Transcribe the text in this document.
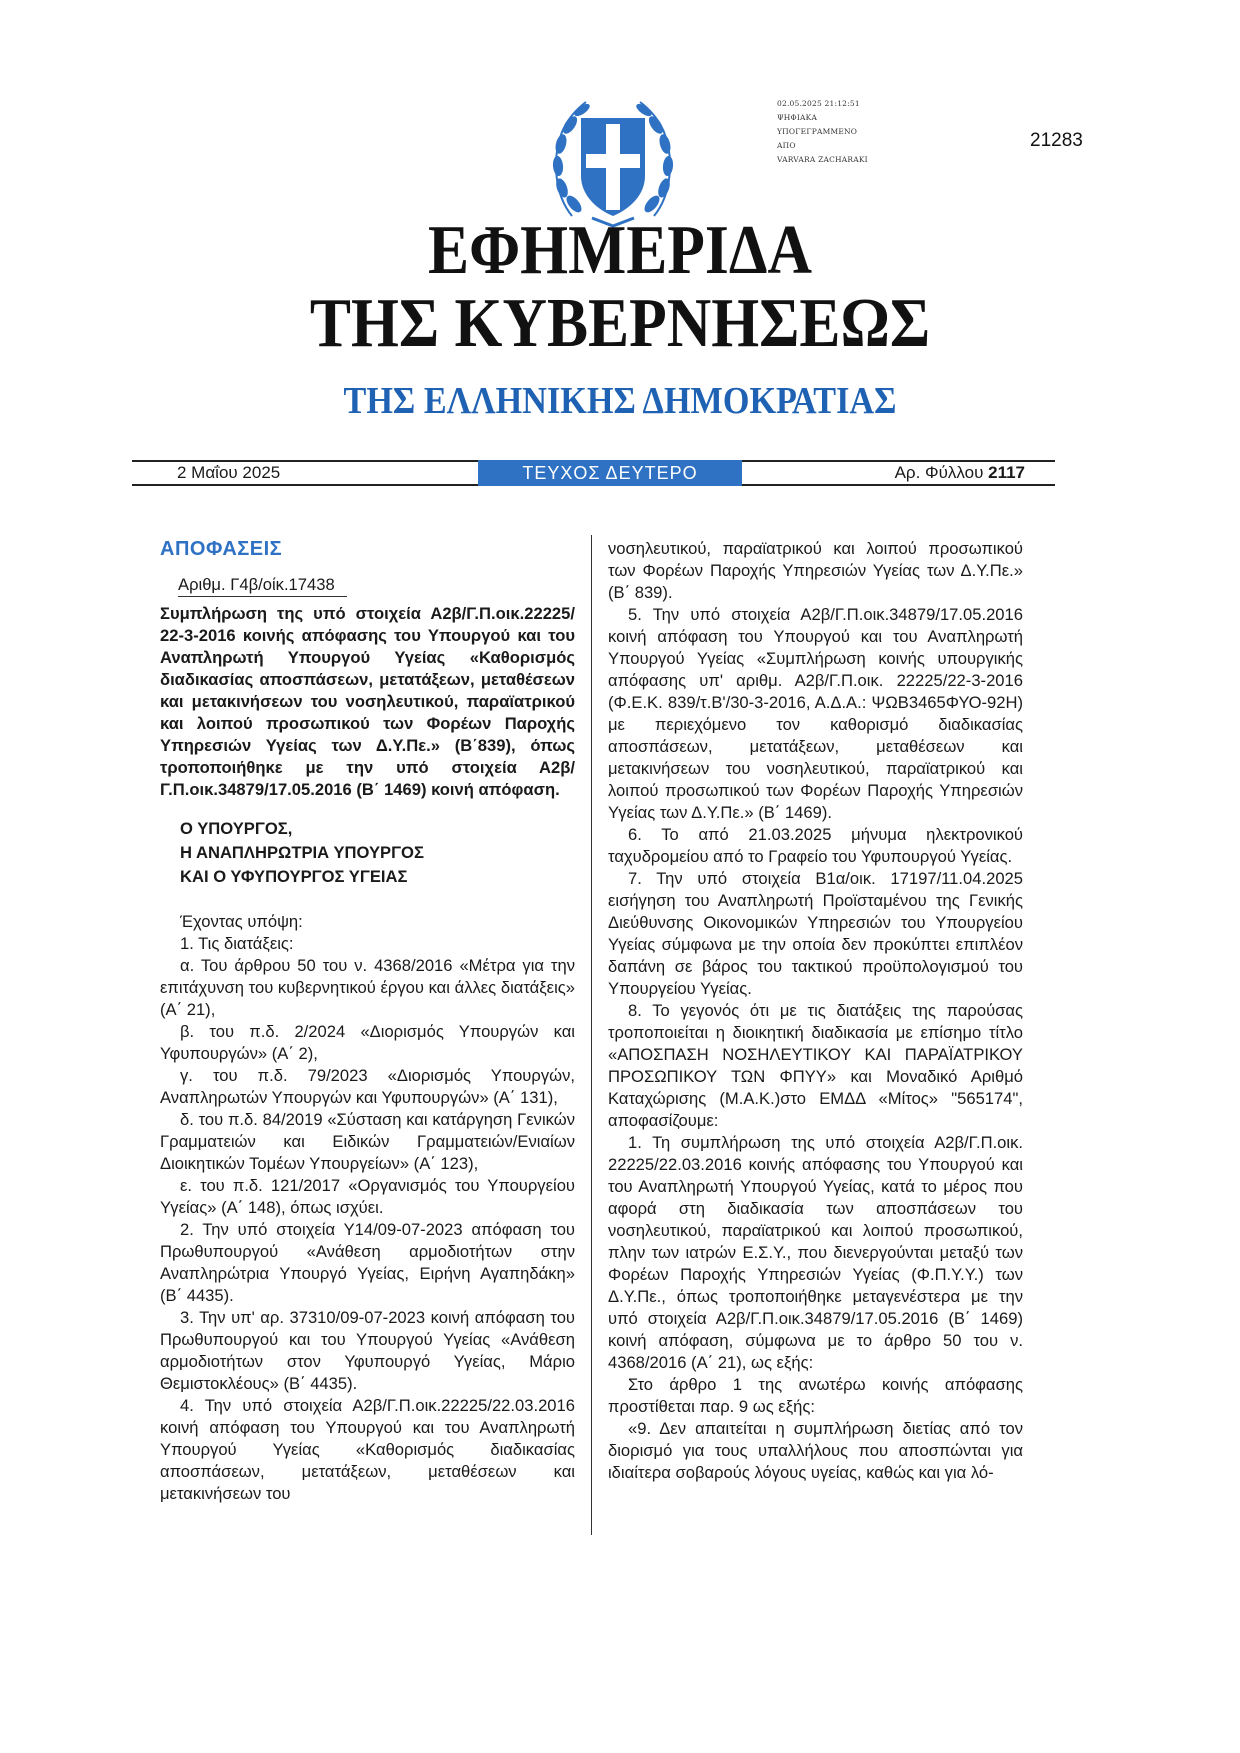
02.05.2025 21:12:51
ΨΗΦΙΑΚΑ
ΥΠΟΓΕΓΡΑΜΜΕΝΟ
ΑΠΟ
VARVARA ZACHARAKI
21283
ΕΦΗΜΕΡΙΔΑ
ΤΗΣ ΚΥΒΕΡΝΗΣΕΩΣ
ΤΗΣ ΕΛΛΗΝΙΚΗΣ ΔΗΜΟΚΡΑΤΙΑΣ
2 Μαΐου 2025	ΤΕΥΧΟΣ ΔΕΥΤΕΡΟ	Αρ. Φύλλου 2117
ΑΠΟΦΑΣΕΙΣ
Αριθμ. Γ4β/οίκ.17438
Συμπλήρωση της υπό στοιχεία Α2β/Γ.Π.οικ.22225/ 22-3-2016 κοινής απόφασης του Υπουργού και του Αναπληρωτή Υπουργού Υγείας «Καθορισμός διαδικασίας αποσπάσεων, μετατάξεων, μεταθέσεων και μετακινήσεων του νοσηλευτικού, παραϊατρικού και λοιπού προσωπικού των Φορέων Παροχής Υπηρεσιών Υγείας των Δ.Υ.Πε.» (Β΄839), όπως τροποποιήθηκε με την υπό στοιχεία Α2β/ Γ.Π.οικ.34879/17.05.2016 (Β΄ 1469) κοινή απόφαση.
Ο ΥΠΟΥΡΓΟΣ,
Η ΑΝΑΠΛΗΡΩΤΡΙΑ ΥΠΟΥΡΓΟΣ
ΚΑΙ Ο ΥΦΥΠΟΥΡΓΟΣ ΥΓΕΙΑΣ

Έχοντας υπόψη:

1. Τις διατάξεις:

α. Του άρθρου 50 του ν. 4368/2016 «Μέτρα για την επιτάχυνση του κυβερνητικού έργου και άλλες διατάξεις» (Α΄ 21),

β. του π.δ. 2/2024 «Διορισμός Υπουργών και Υφυπουργών» (Α΄ 2),

γ. του π.δ. 79/2023 «Διορισμός Υπουργών, Αναπληρωτών Υπουργών και Υφυπουργών» (Α΄ 131),

δ. του π.δ. 84/2019 «Σύσταση και κατάργηση Γενικών Γραμματειών και Ειδικών Γραμματειών/Ενιαίων Διοικητικών Τομέων Υπουργείων» (Α΄ 123),

ε. του π.δ. 121/2017 «Οργανισμός του Υπουργείου Υγείας» (Α΄ 148), όπως ισχύει.

2. Την υπό στοιχεία Υ14/09-07-2023 απόφαση του Πρωθυπουργού «Ανάθεση αρμοδιοτήτων στην Αναπληρώτρια Υπουργό Υγείας, Ειρήνη Αγαπηδάκη» (Β΄ 4435).

3. Την υπ' αρ. 37310/09-07-2023 κοινή απόφαση του Πρωθυπουργού και του Υπουργού Υγείας «Ανάθεση αρμοδιοτήτων στον Υφυπουργό Υγείας, Μάριο Θεμιστοκλέους» (Β΄ 4435).

4. Την υπό στοιχεία Α2β/Γ.Π.οικ.22225/22.03.2016 κοινή απόφαση του Υπουργού και του Αναπληρωτή Υπουργού Υγείας «Καθορισμός διαδικασίας αποσπάσεων, μετατάξεων, μεταθέσεων και μετακινήσεων του

νοσηλευτικού, παραϊατρικού και λοιπού προσωπικού των Φορέων Παροχής Υπηρεσιών Υγείας των Δ.Υ.Πε.» (Β΄ 839).

5. Την υπό στοιχεία Α2β/Γ.Π.οικ.34879/17.05.2016 κοινή απόφαση του Υπουργού και του Αναπληρωτή Υπουργού Υγείας «Συμπλήρωση κοινής υπουργικής απόφασης υπ' αριθμ. Α2β/Γ.Π.οικ. 22225/22-3-2016 (Φ.Ε.Κ. 839/τ.Β'/30-3-2016, Α.Δ.Α.: ΨΩΒ3465ΦΥΟ-92Η) με περιεχόμενο τον καθορισμό διαδικασίας αποσπάσεων, μετατάξεων, μεταθέσεων και μετακινήσεων του νοσηλευτικού, παραϊατρικού και λοιπού προσωπικού των Φορέων Παροχής Υπηρεσιών Υγείας των Δ.Υ.Πε.» (Β΄ 1469).

6. Το από 21.03.2025 μήνυμα ηλεκτρονικού ταχυδρομείου από το Γραφείο του Υφυπουργού Υγείας.

7. Την υπό στοιχεία Β1α/οικ. 17197/11.04.2025 εισήγηση του Αναπληρωτή Προϊσταμένου της Γενικής Διεύθυνσης Οικονομικών Υπηρεσιών του Υπουργείου Υγείας σύμφωνα με την οποία δεν προκύπτει επιπλέον δαπάνη σε βάρος του τακτικού προϋπολογισμού του Υπουργείου Υγείας.

8. Το γεγονός ότι με τις διατάξεις της παρούσας τροποποιείται η διοικητική διαδικασία με επίσημο τίτλο «ΑΠΟΣΠΑΣΗ ΝΟΣΗΛΕΥΤΙΚΟΥ ΚΑΙ ΠΑΡΑΪΑΤΡΙΚΟΥ ΠΡΟΣΩΠΙΚΟΥ ΤΩΝ ΦΠΥΥ» και Μοναδικό Αριθμό Καταχώρισης (Μ.Α.Κ.)στο ΕΜΔΔ «Μίτος» "565174", αποφασίζουμε:

1. Τη συμπλήρωση της υπό στοιχεία Α2β/Γ.Π.οικ. 22225/22.03.2016 κοινής απόφασης του Υπουργού και του Αναπληρωτή Υπουργού Υγείας, κατά το μέρος που αφορά στη διαδικασία των αποσπάσεων του νοσηλευτικού, παραϊατρικού και λοιπού προσωπικού, πλην των ιατρών Ε.Σ.Υ., που διενεργούνται μεταξύ των Φορέων Παροχής Υπηρεσιών Υγείας (Φ.Π.Υ.Υ.) των Δ.Υ.Πε., όπως τροποποιήθηκε μεταγενέστερα με την υπό στοιχεία Α2β/Γ.Π.οικ.34879/17.05.2016 (Β΄ 1469) κοινή απόφαση, σύμφωνα με το άρθρο 50 του ν. 4368/2016 (Α΄ 21), ως εξής:

Στο άρθρο 1 της ανωτέρω κοινής απόφασης προστίθεται παρ. 9 ως εξής:

«9. Δεν απαιτείται η συμπλήρωση διετίας από τον διορισμό για τους υπαλλήλους που αποσπώνται για ιδιαίτερα σοβαρούς λόγους υγείας, καθώς και για λό-
